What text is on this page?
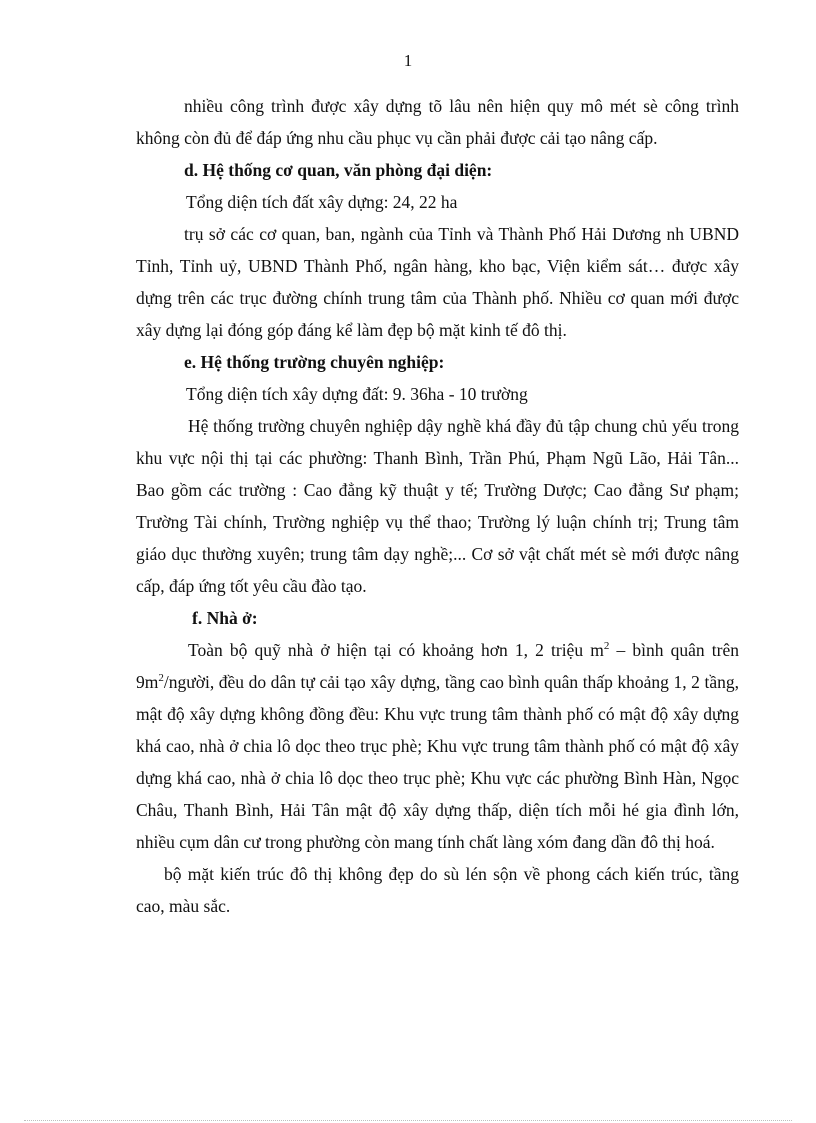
1

nhiều công trình được xây dựng tõ lâu nên hiện quy mô mét sè công trình không còn đủ để đáp ứng nhu cầu phục vụ cần phải được cải tạo nâng cấp.

d. Hệ thống cơ quan, văn phòng đại diện:

Tổng diện tích đất xây dựng: 24, 22 ha

trụ sở các cơ quan, ban, ngành của Tỉnh và Thành Phố Hải Dương nh UBND Tỉnh, Tỉnh uỷ, UBND Thành Phố, ngân hàng, kho bạc, Viện kiểm sát… được xây dựng trên các trục đường chính trung tâm của Thành phố. Nhiều cơ quan mới được xây dựng lại đóng góp đáng kể làm đẹp bộ mặt kinh tế đô thị.

e. Hệ thống trường chuyên nghiệp:

Tổng diện tích xây dựng đất: 9. 36ha - 10 trường

Hệ thống trường chuyên nghiệp dậy nghề khá đầy đủ tập chung chủ yếu trong khu vực nội thị tại các phường: Thanh Bình, Trần Phú, Phạm Ngũ Lão, Hải Tân... Bao gồm các trường : Cao đẳng kỹ thuật y tế; Trường Dược; Cao đẳng Sư phạm; Trường Tài chính, Trường nghiệp vụ thể thao; Trường lý luận chính trị; Trung tâm giáo dục thường xuyên; trung tâm dạy nghề;... Cơ sở vật chất mét sè mới được nâng cấp, đáp ứng tốt yêu cầu đào tạo.

f. Nhà ở:

Toàn bộ quỹ nhà ở hiện tại có khoảng hơn 1, 2 triệu $m^2$ – bình quân trên $9m^2$/người, đều do dân tự cải tạo xây dựng, tầng cao bình quân thấp khoảng 1, 2 tầng, mật độ xây dựng không đồng đều: Khu vực trung tâm thành phố có mật độ xây dựng khá cao, nhà ở chia lô dọc theo trục phè; Khu vực trung tâm thành phố có mật độ xây dựng khá cao, nhà ở chia lô dọc theo trục phè; Khu vực các phường Bình Hàn, Ngọc Châu, Thanh Bình, Hải Tân mật độ xây dựng thấp, diện tích mỗi hé gia đình lớn, nhiều cụm dân cư trong phường còn mang tính chất làng xóm đang dần đô thị hoá.

bộ mặt kiến trúc đô thị không đẹp do sù lén sộn về phong cách kiến trúc, tầng cao, màu sắc.
